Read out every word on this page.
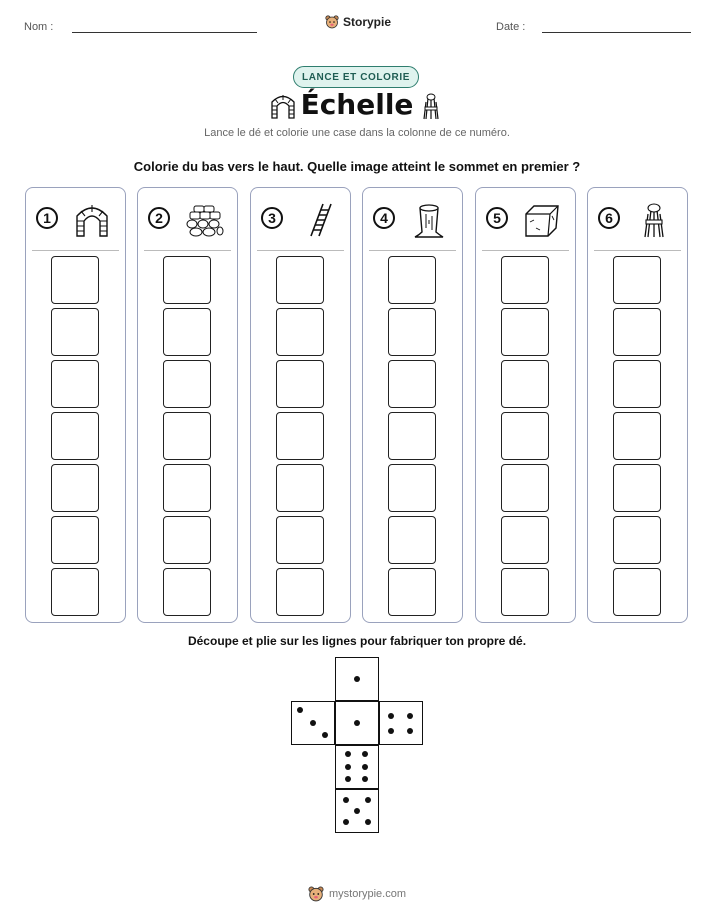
Nom :	Storypie	Date :
LANCE ET COLORIE
Échelle
Lance le dé et colorie une case dans la colonne de ce numéro.
Colorie du bas vers le haut. Quelle image atteint le sommet en premier ?
1	2	3	4	5	6
Découpe et plie sur les lignes pour fabriquer ton propre dé.
mystorypie.com
